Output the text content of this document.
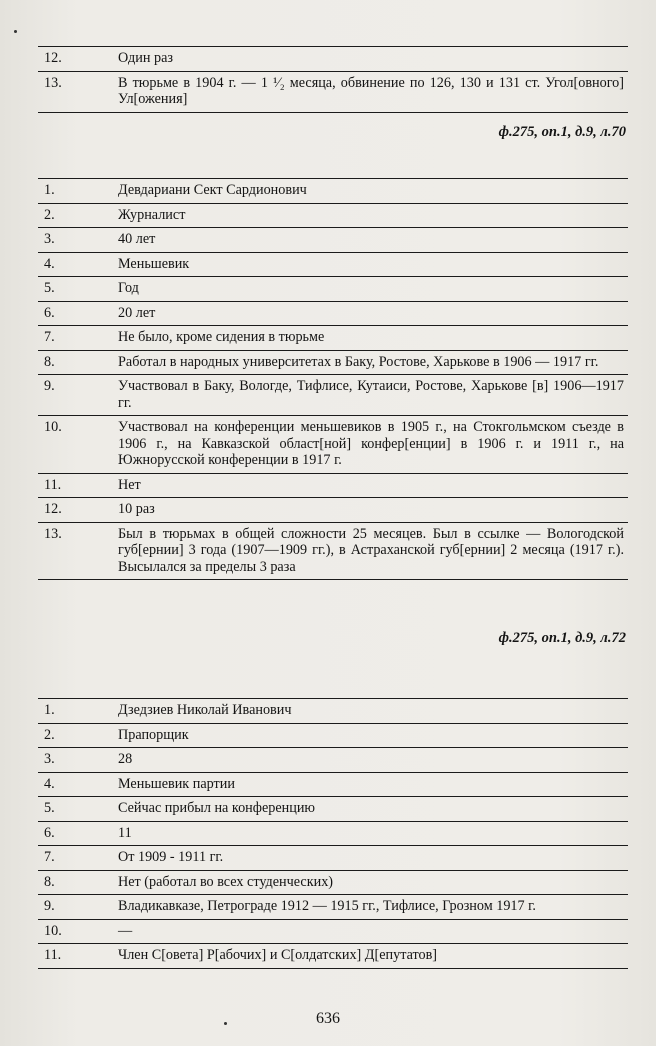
12.	Один раз
13.	В тюрьме в 1904 г. — 1 ¹⁄₂ месяца, обвинение по 126, 130 и 131 ст. Угол[овного] Ул[ожения]
ф.275, оп.1, д.9, л.70
1.	Девдариани Сект Сардионович
2.	Журналист
3.	40 лет
4.	Меньшевик
5.	Год
6.	20 лет
7.	Не было, кроме сидения в тюрьме
8.	Работал в народных университетах в Баку, Ростове, Харькове в 1906 — 1917 гг.
9.	Участвовал в Баку, Вологде, Тифлисе, Кутаиси, Ростове, Харькове [в] 1906—1917 гг.
10.	Участвовал на конференции меньшевиков в 1905 г., на Стокгольмском съезде в 1906 г., на Кавказской област[ной] конфер[енции] в 1906 г. и 1911 г., на Южнорусской конференции в 1917 г.
11.	Нет
12.	10 раз
13.	Был в тюрьмах в общей сложности 25 месяцев. Был в ссылке — Вологодской губ[ернии] 3 года (1907—1909 гг.), в Астраханской губ[ернии] 2 месяца (1917 г.). Высылался за пределы 3 раза
ф.275, оп.1, д.9, л.72
1.	Дзедзиев Николай Иванович
2.	Прапорщик
3.	28
4.	Меньшевик партии
5.	Сейчас прибыл на конференцию
6.	11
7.	От 1909 - 1911 гг.
8.	Нет (работал во всех студенческих)
9.	Владикавказе, Петрограде 1912 — 1915 гг., Тифлисе, Грозном 1917 г.
10.	—
11.	Член С[овета] Р[абочих] и С[олдатских] Д[епутатов]
636
